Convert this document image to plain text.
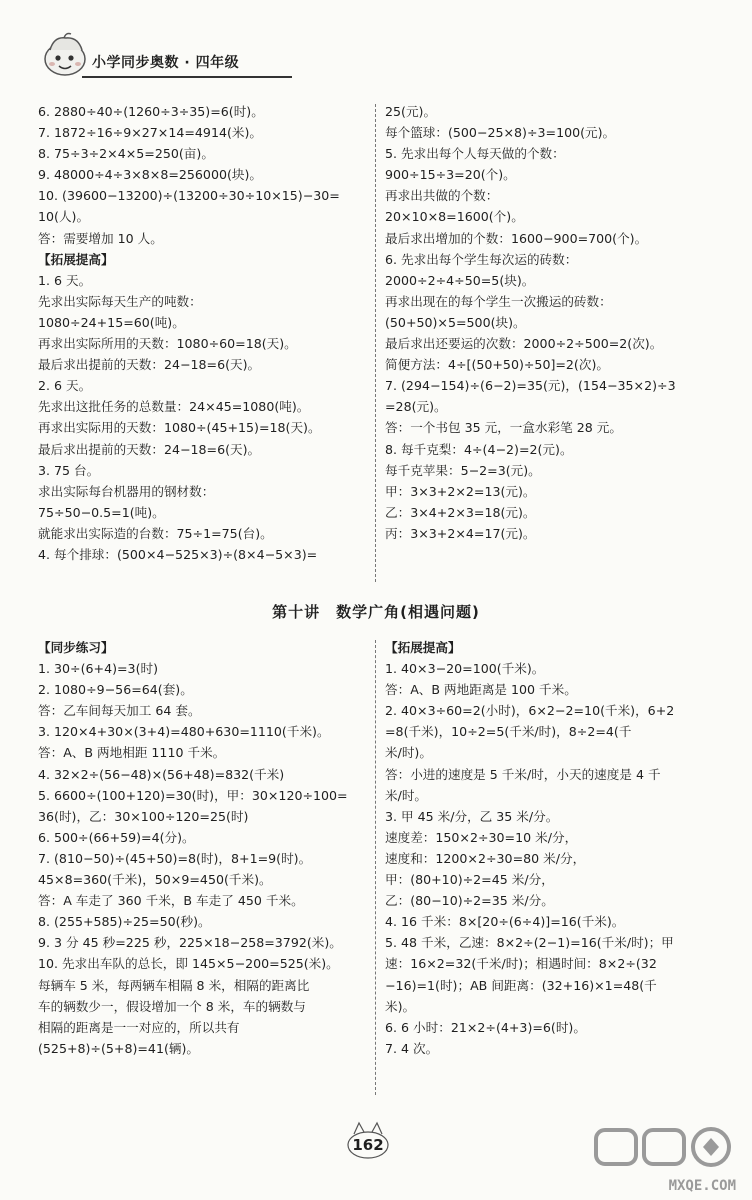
小学同步奥数 · 四年级
6. 2880÷40÷(1260÷3÷35)=6(时)。
7. 1872÷16÷9×27×14=4914(米)。
8. 75÷3÷2×4×5=250(亩)。
9. 48000÷4÷3×8×8=256000(块)。
10. (39600−13200)÷(13200÷30÷10×15)−30=
10(人)。
答：需要增加 10 人。
【拓展提高】
1. 6 天。
先求出实际每天生产的吨数：
1080÷24+15=60(吨)。
再求出实际所用的天数：1080÷60=18(天)。
最后求出提前的天数：24−18=6(天)。
2. 6 天。
先求出这批任务的总数量：24×45=1080(吨)。
再求出实际用的天数：1080÷(45+15)=18(天)。
最后求出提前的天数：24−18=6(天)。
3. 75 台。
求出实际每台机器用的钢材数：
75÷50−0.5=1(吨)。
就能求出实际造的台数：75÷1=75(台)。
4. 每个排球：(500×4−525×3)÷(8×4−5×3)=
25(元)。
每个篮球：(500−25×8)÷3=100(元)。
5. 先求出每个人每天做的个数：
900÷15÷3=20(个)。
再求出共做的个数：
20×10×8=1600(个)。
最后求出增加的个数：1600−900=700(个)。
6. 先求出每个学生每次运的砖数：
2000÷2÷4÷50=5(块)。
再求出现在的每个学生一次搬运的砖数：
(50+50)×5=500(块)。
最后求出还要运的次数：2000÷2÷500=2(次)。
简便方法：4÷[(50+50)÷50]=2(次)。
7. (294−154)÷(6−2)=35(元)，(154−35×2)÷3
=28(元)。
答：一个书包 35 元，一盒水彩笔 28 元。
8. 每千克梨：4÷(4−2)=2(元)。
每千克苹果：5−2=3(元)。
甲：3×3+2×2=13(元)。
乙：3×4+2×3=18(元)。
丙：3×3+2×4=17(元)。
第十讲　数学广角(相遇问题)
【同步练习】
1. 30÷(6+4)=3(时)
2. 1080÷9−56=64(套)。
答：乙车间每天加工 64 套。
3. 120×4+30×(3+4)=480+630=1110(千米)。
答：A、B 两地相距 1110 千米。
4. 32×2÷(56−48)×(56+48)=832(千米)
5. 6600÷(100+120)=30(时)，甲：30×120÷100=
36(时)，乙：30×100÷120=25(时)
6. 500÷(66+59)=4(分)。
7. (810−50)÷(45+50)=8(时)，8+1=9(时)。
45×8=360(千米)，50×9=450(千米)。
答：A 车走了 360 千米，B 车走了 450 千米。
8. (255+585)÷25=50(秒)。
9. 3 分 45 秒=225 秒，225×18−258=3792(米)。
10. 先求出车队的总长，即 145×5−200=525(米)。
每辆车 5 米，每两辆车相隔 8 米，相隔的距离比
车的辆数少一，假设增加一个 8 米，车的辆数与
相隔的距离是一一对应的，所以共有
(525+8)÷(5+8)=41(辆)。
【拓展提高】
1. 40×3−20=100(千米)。
答：A、B 两地距离是 100 千米。
2. 40×3÷60=2(小时)，6×2−2=10(千米)，6+2
=8(千米)，10÷2=5(千米/时)，8÷2=4(千
米/时)。
答：小进的速度是 5 千米/时，小天的速度是 4 千
米/时。
3. 甲 45 米/分，乙 35 米/分。
速度差：150×2÷30=10 米/分，
速度和：1200×2÷30=80 米/分，
甲：(80+10)÷2=45 米/分，
乙：(80−10)÷2=35 米/分。
4. 16 千米：8×[20÷(6÷4)]=16(千米)。
5. 48 千米，乙速：8×2÷(2−1)=16(千米/时)；甲
速：16×2=32(千米/时)；相遇时间：8×2÷(32
−16)=1(时)；AB 间距离：(32+16)×1=48(千
米)。
6. 6 小时：21×2÷(4+3)=6(时)。
7. 4 次。
162
MXQE.COM
